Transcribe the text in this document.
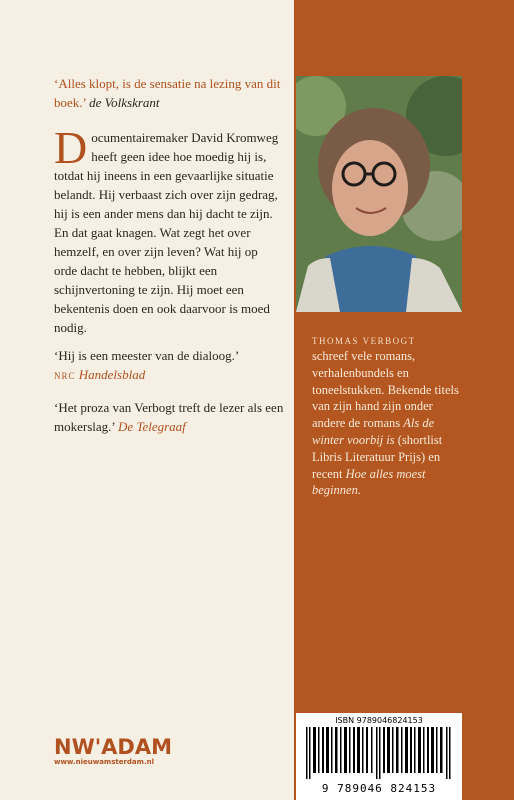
‘Alles klopt, is de sensatie na lezing van dit boek.’ de Volkskrant
Documentairemaker David Kromweg heeft geen idee hoe moedig hij is, totdat hij ineens in een gevaarlijke situatie belandt. Hij verbaast zich over zijn gedrag, hij is een ander mens dan hij dacht te zijn. En dat gaat knagen. Wat zegt het over hemzelf, en over zijn leven? Wat hij op orde dacht te hebben, blijkt een schijnvertoning te zijn. Hij moet een bekentenis doen en ook daarvoor is moed nodig.
‘Hij is een meester van de dialoog.’
NRC Handelsblad
‘Het proza van Verbogt treft de lezer als een mokerslag.’ De Telegraaf
NW'ADAM
www.nieuwamsterdam.nl
THOMAS VERBOGT
schreef vele romans, verhalenbundels en toneelstukken. Bekende titels van zijn hand zijn onder andere de romans Als de winter voorbij is (shortlist Libris Literatuur Prijs) en recent Hoe alles moest beginnen.
ISBN 9789046824153
9 789046 824153
